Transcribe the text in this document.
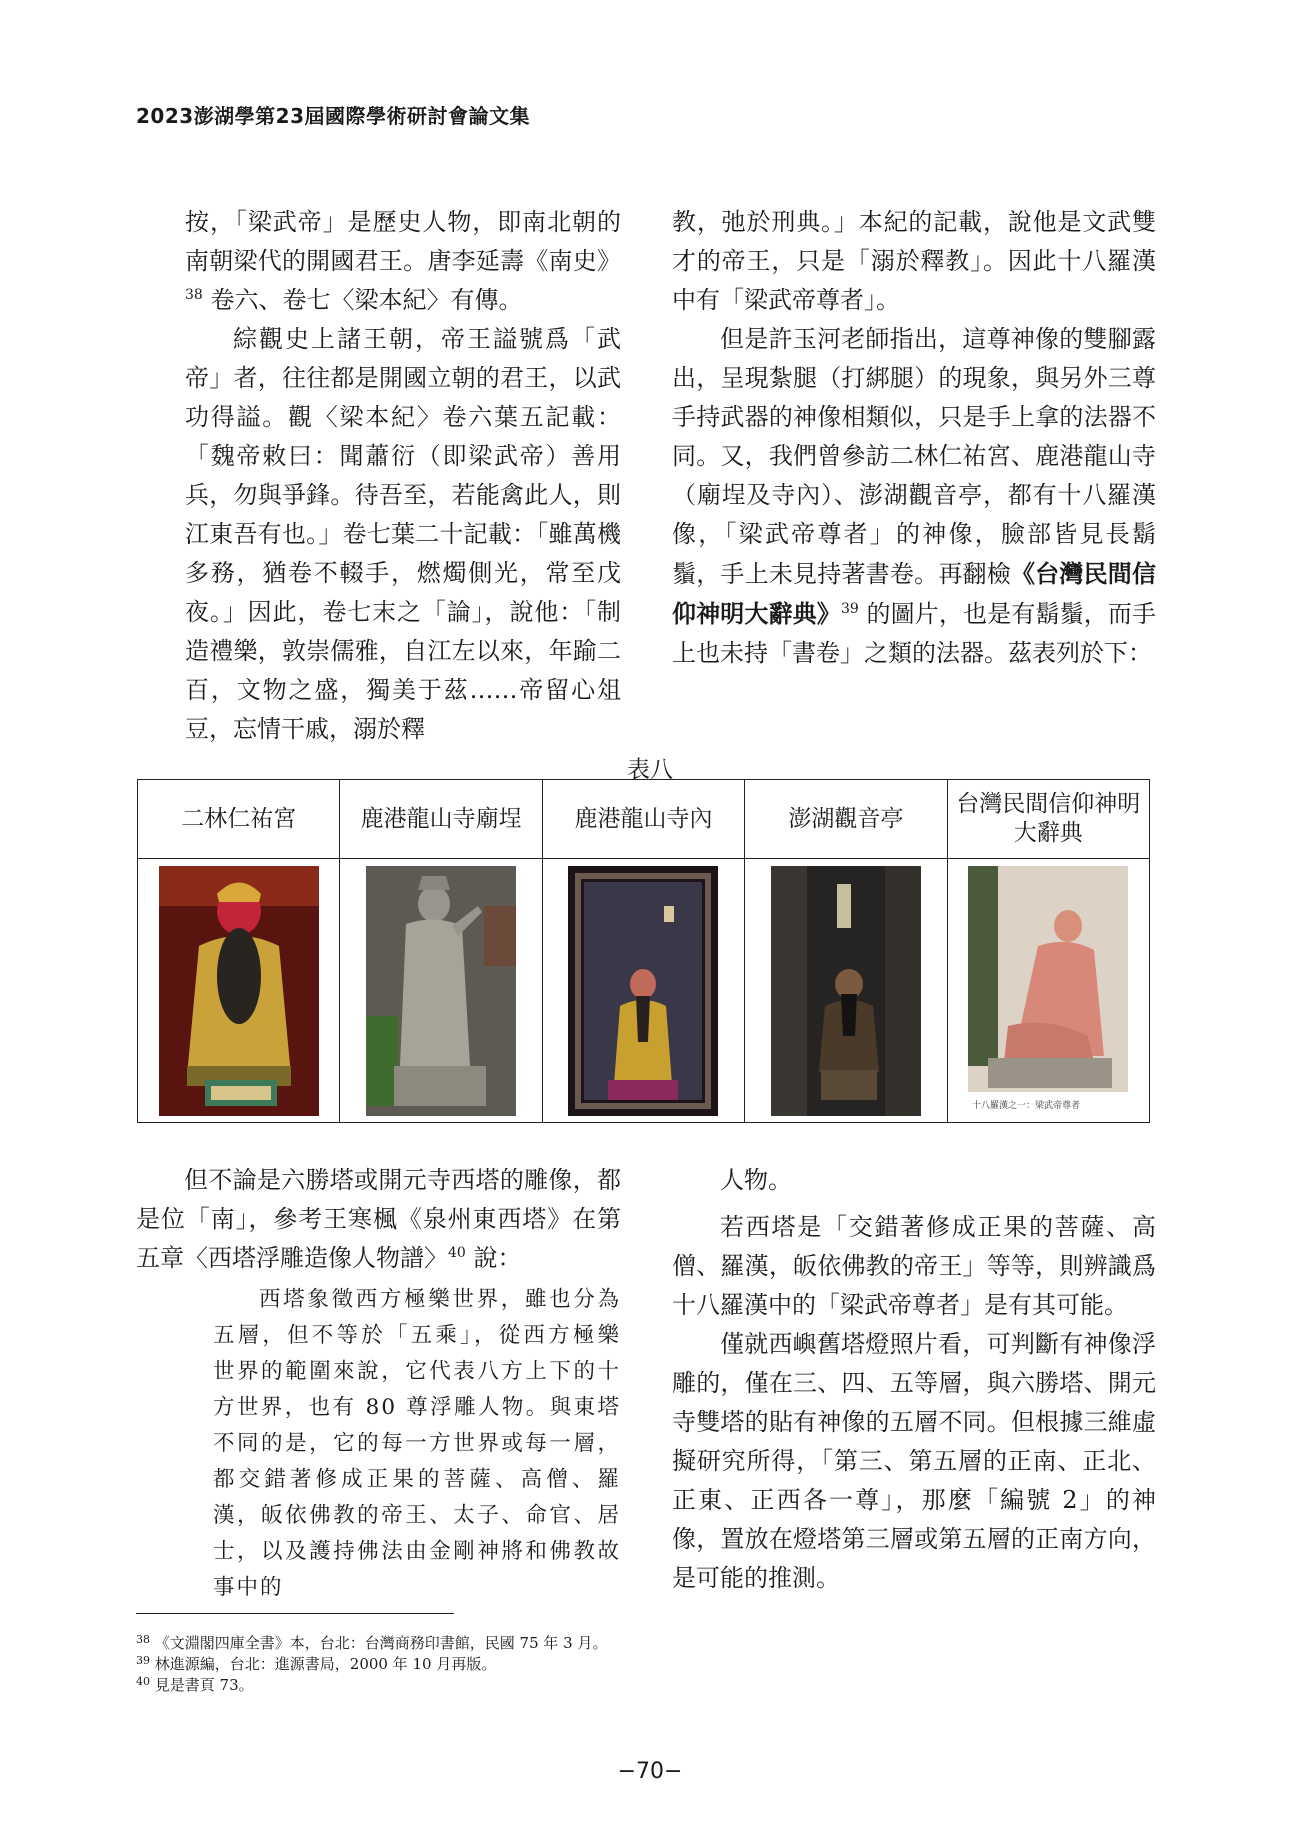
2023澎湖學第23屆國際學術研討會論文集

按，「梁武帝」是歷史人物，即南北朝的南朝梁代的開國君王。唐李延壽《南史》$^{38}$ 卷六、卷七〈梁本紀〉有傳。

綜觀史上諸王朝，帝王謚號爲「武帝」者，往往都是開國立朝的君王，以武功得謚。觀〈梁本紀〉卷六葉五記載：「魏帝敕曰：聞蕭衍（即梁武帝）善用兵，勿與爭鋒。待吾至，若能禽此人，則江東吾有也。」卷七葉二十記載：「雖萬機多務，猶卷不輟手，燃燭側光，常至戊夜。」因此，卷七末之「論」，說他：「制造禮樂，敦崇儒雅，自江左以來，年踰二百，文物之盛，獨美于茲……帝留心俎豆，忘情干戚，溺於釋

教，弛於刑典。」本紀的記載，說他是文武雙才的帝王，只是「溺於釋教」。因此十八羅漢中有「梁武帝尊者」。

但是許玉河老師指出，這尊神像的雙腳露出，呈現紮腿（打綁腿）的現象，與另外三尊手持武器的神像相類似，只是手上拿的法器不同。又，我們曾參訪二林仁祐宮、鹿港龍山寺（廟埕及寺內）、澎湖觀音亭，都有十八羅漢像，「梁武帝尊者」的神像，臉部皆見長鬍鬚，手上未見持著書卷。再翻檢《台灣民間信仰神明大辭典》$^{39}$ 的圖片，也是有鬍鬚，而手上也未持「書卷」之類的法器。茲表列於下：

表八
二林仁祐宮	鹿港龍山寺廟埕	鹿港龍山寺內	澎湖觀音亭	台灣民間信仰神明大辭典

十八羅漢之一：梁武帝尊者

但不論是六勝塔或開元寺西塔的雕像，都是位「南」，參考王寒楓《泉州東西塔》在第五章〈西塔浮雕造像人物譜〉$^{40}$ 說：

西塔象徵西方極樂世界，雖也分為五層，但不等於「五乘」，從西方極樂世界的範圍來說，它代表八方上下的十方世界，也有 80 尊浮雕人物。與東塔不同的是，它的每一方世界或每一層，都交錯著修成正果的菩薩、高僧、羅漢，皈依佛教的帝王、太子、命官、居士，以及護持佛法由金剛神將和佛教故事中的

人物。

若西塔是「交錯著修成正果的菩薩、高僧、羅漢，皈依佛教的帝王」等等，則辨識爲十八羅漢中的「梁武帝尊者」是有其可能。

僅就西嶼舊塔燈照片看，可判斷有神像浮雕的，僅在三、四、五等層，與六勝塔、開元寺雙塔的貼有神像的五層不同。但根據三維虛擬研究所得，「第三、第五層的正南、正北、正東、正西各一尊」，那麼「編號 2」的神像，置放在燈塔第三層或第五層的正南方向，是可能的推測。

$^{38}$ 《文淵閣四庫全書》本，台北：台灣商務印書館，民國 75 年 3 月。

$^{39}$ 林進源編，台北：進源書局，2000 年 10 月再版。

$^{40}$ 見是書頁 73。

−70−
